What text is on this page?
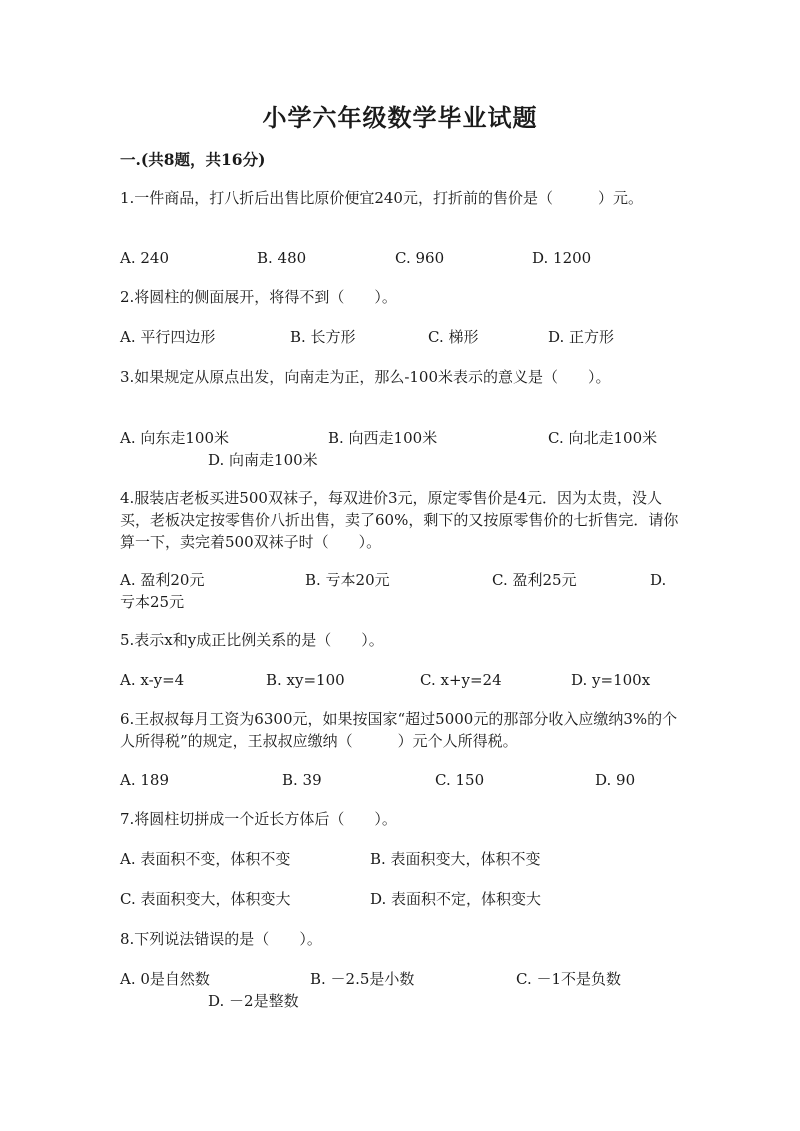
小学六年级数学毕业试题
一.(共8题，共16分)
1.一件商品，打八折后出售比原价便宜240元，打折前的售价是（　　　）元。
A. 240	B. 480	C. 960	D. 1200
2.将圆柱的侧面展开，将得不到（　　）。
A. 平行四边形	B. 长方形	C. 梯形	D. 正方形
3.如果规定从原点出发，向南走为正，那么-100米表示的意义是（　　）。
A. 向东走100米	B. 向西走100米	C. 向北走100米
D. 向南走100米
4.服装店老板买进500双袜子，每双进价3元，原定零售价是4元．因为太贵，没人买，老板决定按零售价八折出售，卖了60%，剩下的又按原零售价的七折售完．请你算一下，卖完着500双袜子时（　　）。
A. 盈利20元	B. 亏本20元	C. 盈利25元	D.
亏本25元
5.表示x和y成正比例关系的是（　　）。
A. x-y=4	B. xy=100	C. x+y=24	D. y=100x
6.王叔叔每月工资为6300元，如果按国家“超过5000元的那部分收入应缴纳3%的个人所得税”的规定，王叔叔应缴纳（　　　）元个人所得税。
A. 189	B. 39	C. 150	D. 90
7.将圆柱切拼成一个近长方体后（　　）。
A. 表面积不变，体积不变	B. 表面积变大，体积不变
C. 表面积变大，体积变大	D. 表面积不定，体积变大
8.下列说法错误的是（　　）。
A. 0是自然数	B. －2.5是小数	C. －1不是负数
D. －2是整数
